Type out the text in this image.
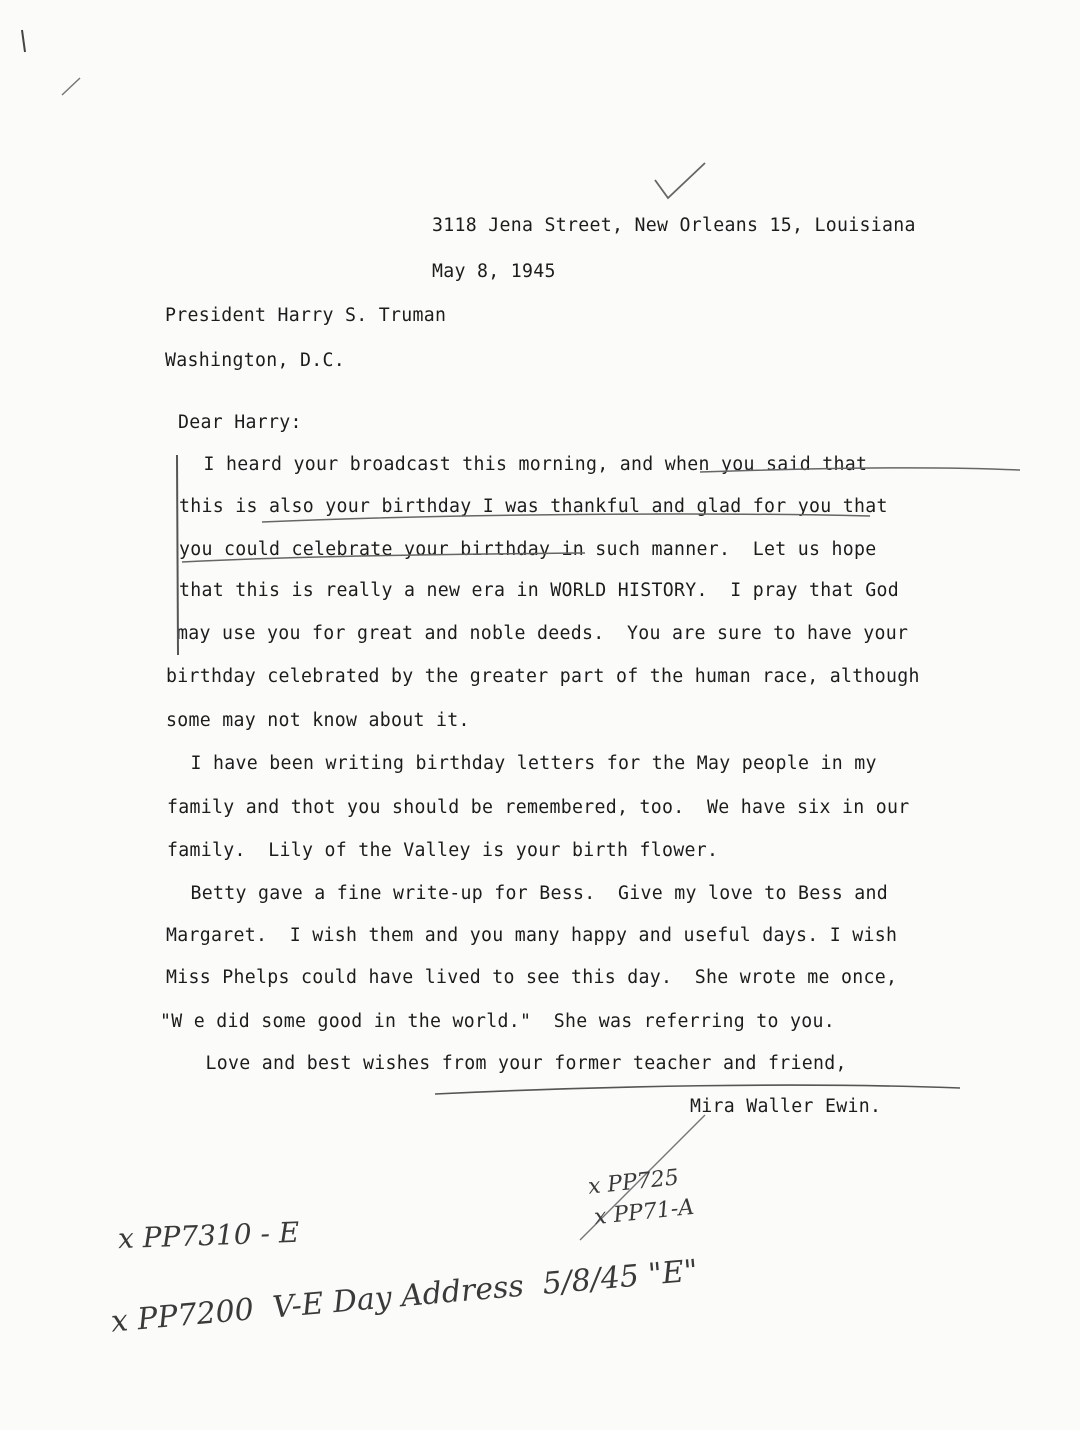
3118 Jena Street, New Orleans 15, Louisiana
May 8, 1945
President Harry S. Truman
Washington, D.C.
Dear Harry:
I heard your broadcast this morning, and when you said that
this is also your birthday I was thankful and glad for you that
you could celebrate your birthday in such manner.  Let us hope
that this is really a new era in WORLD HISTORY.  I pray that God
may use you for great and noble deeds.  You are sure to have your
birthday celebrated by the greater part of the human race, although
some may not know about it.
I have been writing birthday letters for the May people in my
family and thot you should be remembered, too.  We have six in our
family.  Lily of the Valley is your birth flower.
Betty gave a fine write-up for Bess.  Give my love to Bess and
Margaret.  I wish them and you many happy and useful days. I wish
Miss Phelps could have lived to see this day.  She wrote me once,
"W e did some good in the world."  She was referring to you.
Love and best wishes from your former teacher and friend,
Mira Waller Ewin.
x PP725
x PP71-A
x PP7310 - E
x PP7200  V-E Day Address  5/8/45 "E"
